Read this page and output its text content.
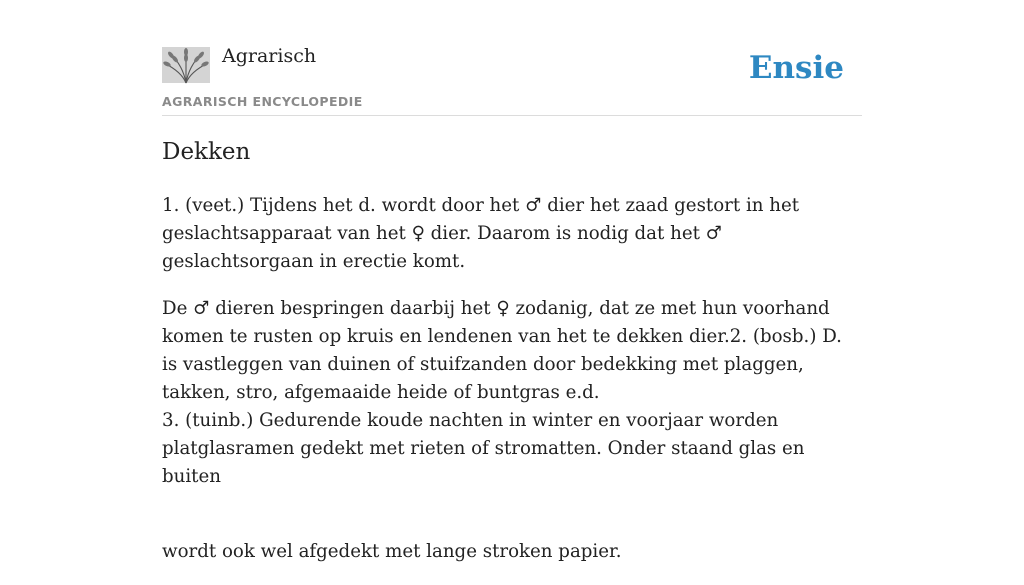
Agrarisch
AGRARISCH ENCYCLOPEDIE
Ensie
Dekken

1. (veet.) Tijdens het d. wordt door het ♂ dier het zaad gestort in het geslachtsapparaat van het ♀ dier. Daarom is nodig dat het ♂ geslachtsorgaan in erectie komt.

De ♂ dieren bespringen daarbij het ♀ zodanig, dat ze met hun voorhand komen te rusten op kruis en lendenen van het te dekken dier.2. (bosb.) D. is vastleggen van duinen of stuifzanden door bedekking met plaggen, takken, stro, afgemaaide heide of buntgras e.d.
3. (tuinb.) Gedurende koude nachten in winter en voorjaar worden platglasramen gedekt met rieten of stromatten. Onder staand glas en buiten

wordt ook wel afgedekt met lange stroken papier.
